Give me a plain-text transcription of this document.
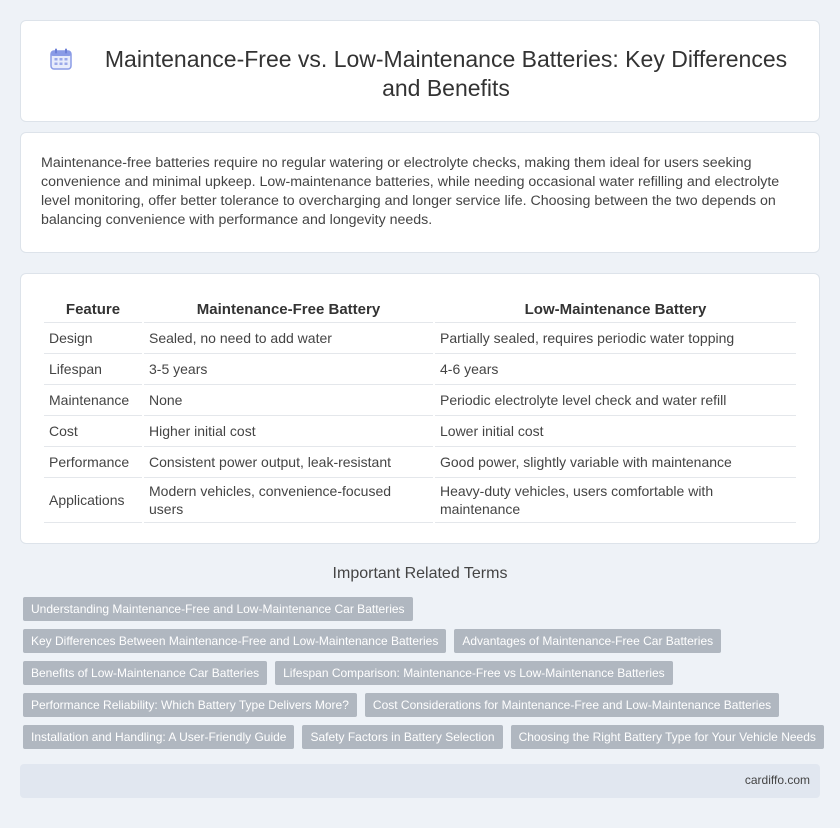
Maintenance-Free vs. Low-Maintenance Batteries: Key Differences and Benefits
Maintenance-free batteries require no regular watering or electrolyte checks, making them ideal for users seeking convenience and minimal upkeep. Low-maintenance batteries, while needing occasional water refilling and electrolyte level monitoring, offer better tolerance to overcharging and longer service life. Choosing between the two depends on balancing convenience with performance and longevity needs.
Feature	Maintenance-Free Battery	Low-Maintenance Battery
Design	Sealed, no need to add water	Partially sealed, requires periodic water topping
Lifespan	3-5 years	4-6 years
Maintenance	None	Periodic electrolyte level check and water refill
Cost	Higher initial cost	Lower initial cost
Performance	Consistent power output, leak-resistant	Good power, slightly variable with maintenance
Applications	Modern vehicles, convenience-focused users	Heavy-duty vehicles, users comfortable with maintenance
Important Related Terms
Understanding Maintenance-Free and Low-Maintenance Car Batteries
Key Differences Between Maintenance-Free and Low-Maintenance Batteries	Advantages of Maintenance-Free Car Batteries
Benefits of Low-Maintenance Car Batteries	Lifespan Comparison: Maintenance-Free vs Low-Maintenance Batteries
Performance Reliability: Which Battery Type Delivers More?	Cost Considerations for Maintenance-Free and Low-Maintenance Batteries
Installation and Handling: A User-Friendly Guide	Safety Factors in Battery Selection	Choosing the Right Battery Type for Your Vehicle Needs
cardiffo.com
